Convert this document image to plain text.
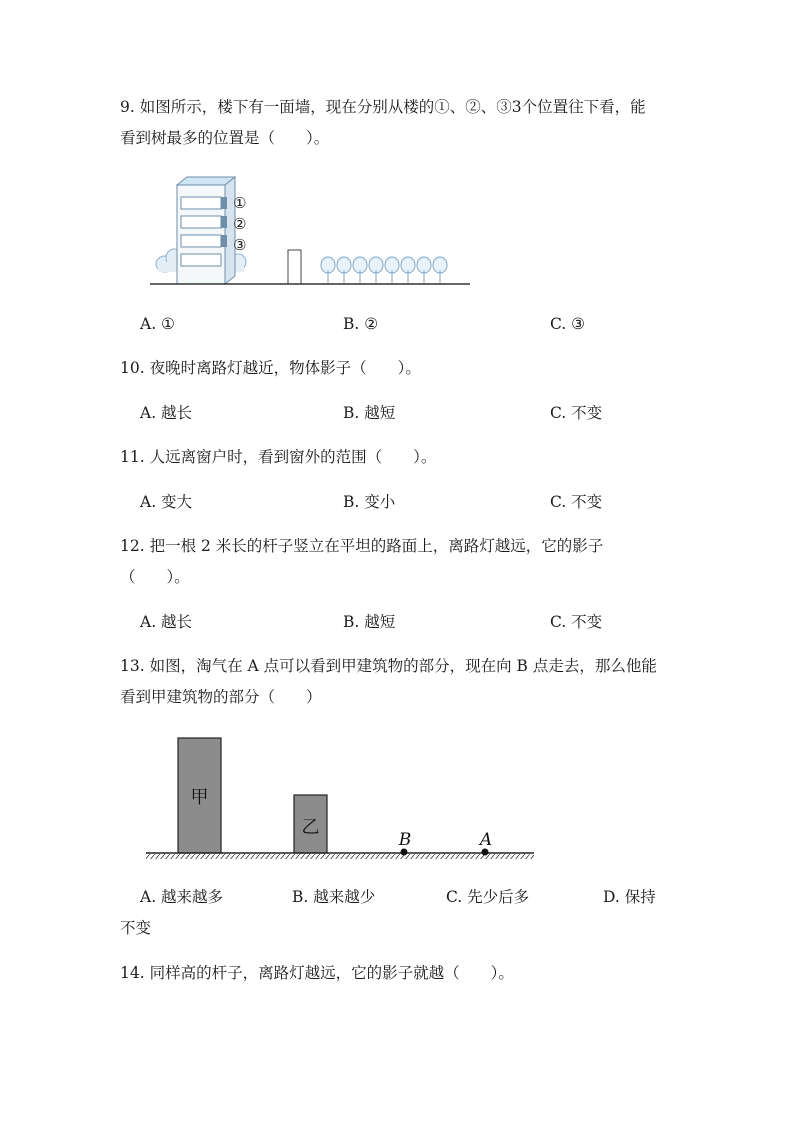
9. 如图所示，楼下有一面墙，现在分别从楼的①、②、③3个位置往下看，能
看到树最多的位置是（　　）。
①
②
③
A. ①	B. ②	C. ③
10. 夜晚时离路灯越近，物体影子（　　）。
A. 越长	B. 越短	C. 不变
11. 人远离窗户时，看到窗外的范围（　　）。
A. 变大	B. 变小	C. 不变
12. 把一根 2 米长的杆子竖立在平坦的路面上，离路灯越远，它的影子
（　　）。
A. 越长	B. 越短	C. 不变
13. 如图，淘气在 A 点可以看到甲建筑物的部分，现在向 B 点走去，那么他能
看到甲建筑物的部分（　　）
甲
乙
B	A
A. 越来越多	B. 越来越少	C. 先少后多	D. 保持
不变
14. 同样高的杆子，离路灯越远，它的影子就越（　　）。
